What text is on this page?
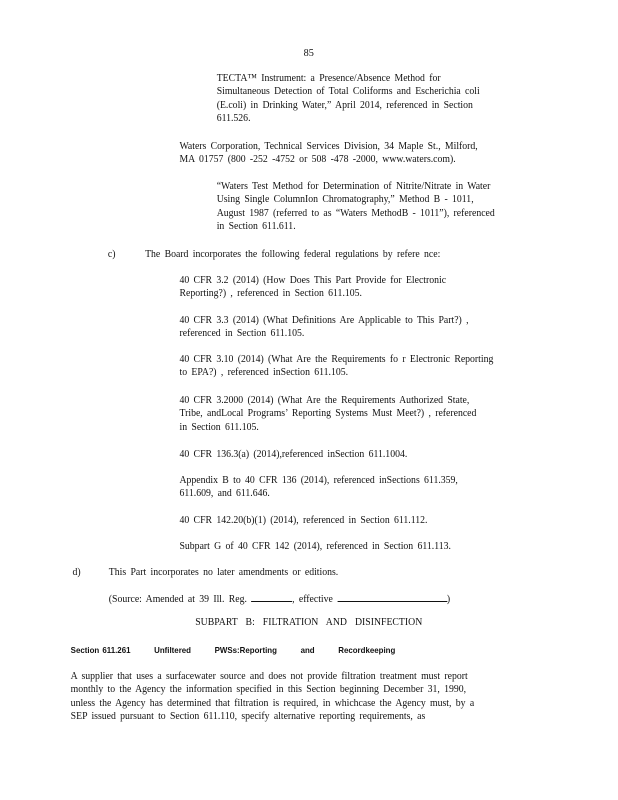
85
TECTA™ Instrument: a Presence/Absence Method for
Simultaneous Detection of Total Coliforms and Escherichia coli
(E.coli) in Drinking Water,” April 2014, referenced in Section
611.526.
Waters Corporation, Technical Services Division, 34 Maple St., Milford,
MA 01757 (800 -252 -4752 or 508 -478 -2000, www.waters.com).
“Waters Test Method for Determination of Nitrite/Nitrate in Water
Using Single ColumnIon Chromatography,” Method B - 1011,
August 1987 (referred to as “Waters MethodB - 1011”), referenced
in Section 611.611.
c)	The Board incorporates the following federal regulations by refere nce:
40 CFR 3.2 (2014) (How Does This Part Provide for Electronic
Reporting?) , referenced in Section 611.105.
40 CFR 3.3 (2014) (What Definitions Are Applicable to This Part?) ,
referenced in Section 611.105.
40 CFR 3.10 (2014) (What Are the Requirements fo r Electronic Reporting
to EPA?) , referenced inSection 611.105.
40 CFR 3.2000 (2014) (What Are the Requirements Authorized State,
Tribe, andLocal Programs’ Reporting Systems Must Meet?) , referenced
in Section 611.105.
40 CFR 136.3(a) (2014),referenced inSection 611.1004.
Appendix B to 40 CFR 136 (2014), referenced inSections 611.359,
611.609, and 611.646.
40 CFR 142.20(b)(1) (2014), referenced in Section 611.112.
Subpart G of 40 CFR 142 (2014), referenced in Section 611.113.
d)	This Part incorporates no later amendments or editions.
(Source: Amended at 39 Ill. Reg.	, effective	)
SUBPART B: FILTRATION AND DISINFECTION
Section 611.261	Unfiltered	PWSs:Reporting	and	Recordkeeping
A supplier that uses a surfacewater source and does not provide filtration treatment must report
monthly to the Agency the information specified in this Section beginning December 31, 1990,
unless the Agency has determined that filtration is required, in whichcase the Agency must, by a
SEP issued pursuant to Section 611.110, specify alternative reporting requirements, as
